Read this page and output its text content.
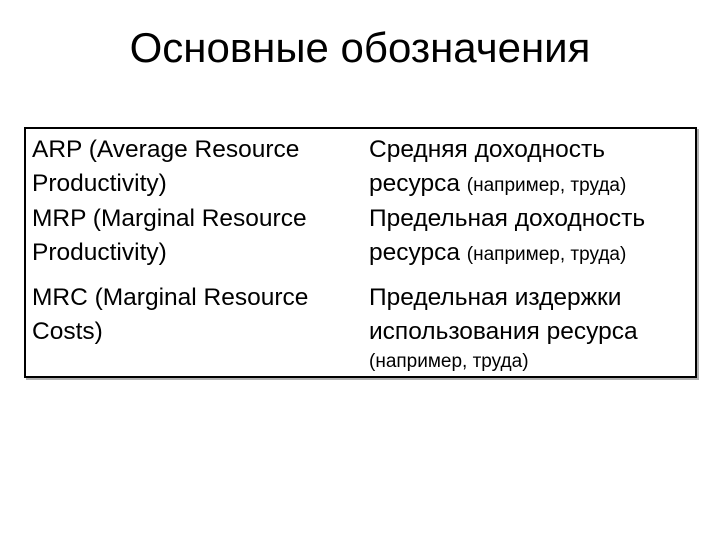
Основные обозначения
ARP (Average Resource
Productivity)
Средняя доходность
ресурса (например, труда)
MRP (Marginal Resource
Productivity)
Предельная доходность
ресурса (например, труда)
MRC (Marginal Resource
Costs)
Предельная издержки
использования ресурса
(например, труда)
